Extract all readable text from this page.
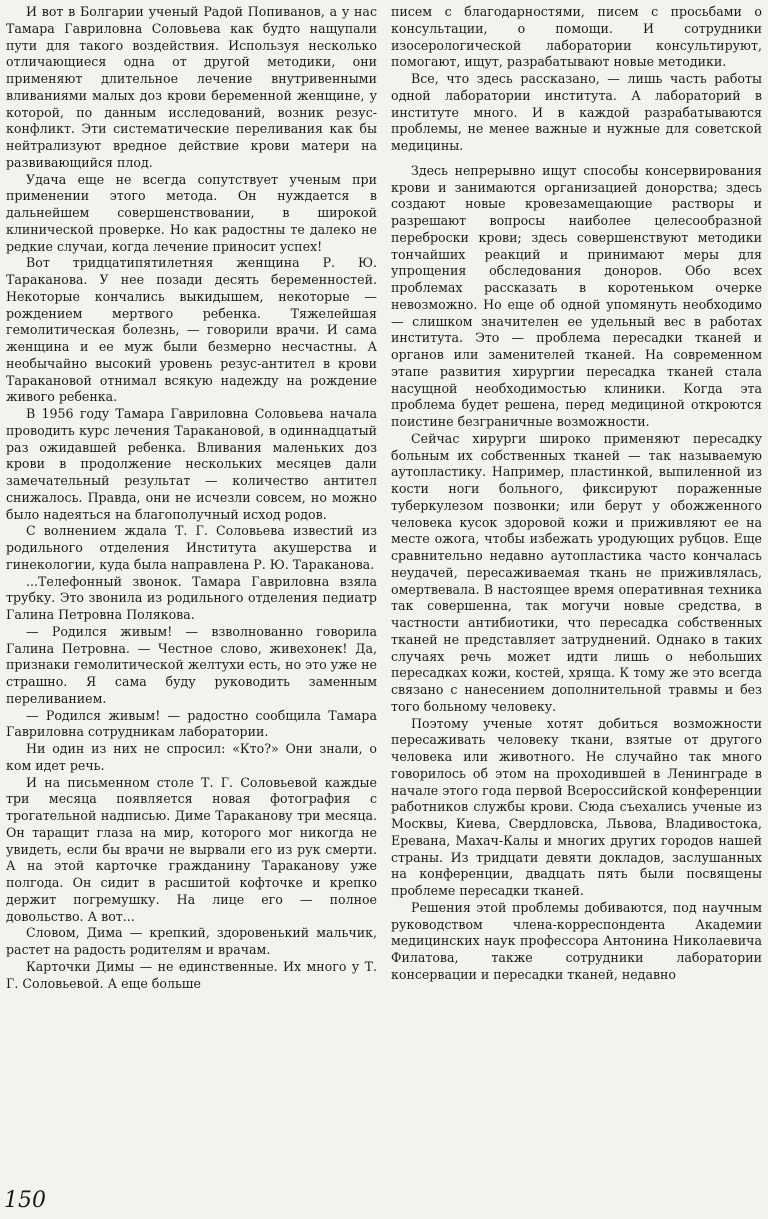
И вот в Болгарии ученый Радой Попиванов, а у нас Тамара Гавриловна Соловьева как будто нащупали пути для такого воздействия. Используя несколько отличающиеся одна от другой методики, они применяют длительное лечение внутривенными вливаниями малых доз крови беременной женщине, у которой, по данным исследований, возник резус-конфликт. Эти систематические переливания как бы нейтрализуют вредное действие крови матери на развивающийся плод.

Удача еще не всегда сопутствует ученым при применении этого метода. Он нуждается в дальнейшем совершенствовании, в широкой клинической проверке. Но как радостны те далеко не редкие случаи, когда лечение приносит успех!

Вот тридцатипятилетняя женщина Р. Ю. Тараканова. У нее позади десять беременностей. Некоторые кончались выкидышем, некоторые — рождением мертвого ребенка. Тяжелейшая гемолитическая болезнь, — говорили врачи. И сама женщина и ее муж были безмерно несчастны. А необычайно высокий уровень резус-антител в крови Таракановой отнимал всякую надежду на рождение живого ребенка.

В 1956 году Тамара Гавриловна Соловьева начала проводить курс лечения Таракановой, в одиннадцатый раз ожидавшей ребенка. Вливания маленьких доз крови в продолжение нескольких месяцев дали замечательный результат — количество антител снижалось. Правда, они не исчезли совсем, но можно было надеяться на благополучный исход родов.

С волнением ждала Т. Г. Соловьева известий из родильного отделения Института акушерства и гинекологии, куда была направлена Р. Ю. Тараканова.

...Телефонный звонок. Тамара Гавриловна взяла трубку. Это звонила из родильного отделения педиатр Галина Петровна Полякова.

— Родился живым! — взволнованно говорила Галина Петровна. — Честное слово, живехонек! Да, признаки гемолитической желтухи есть, но это уже не страшно. Я сама буду руководить заменным переливанием.

— Родился живым! — радостно сообщила Тамара Гавриловна сотрудникам лаборатории.

Ни один из них не спросил: «Кто?» Они знали, о ком идет речь.

И на письменном столе Т. Г. Соловьевой каждые три месяца появляется новая фотография с трогательной надписью. Диме Тараканову три месяца. Он таращит глаза на мир, которого мог никогда не увидеть, если бы врачи не вырвали его из рук смерти. А на этой карточке гражданину Тараканову уже полгода. Он сидит в расшитой кофточке и крепко держит погремушку. На лице его — полное довольство. А вот...

Словом, Дима — крепкий, здоровенький мальчик, растет на радость родителям и врачам.

Карточки Димы — не единственные. Их много у Т. Г. Соловьевой. А еще больше

писем с благодарностями, писем с просьбами о консультации, о помощи. И сотрудники изосерологической лаборатории консультируют, помогают, ищут, разрабатывают новые методики.

Все, что здесь рассказано, — лишь часть работы одной лаборатории института. А лабораторий в институте много. И в каждой разрабатываются проблемы, не менее важные и нужные для советской медицины.

Здесь непрерывно ищут способы консервирования крови и занимаются организацией донорства; здесь создают новые кровезамещающие растворы и разрешают вопросы наиболее целесообразной переброски крови; здесь совершенствуют методики тончайших реакций и принимают меры для упрощения обследования доноров. Обо всех проблемах рассказать в коротеньком очерке невозможно. Но еще об одной упомянуть необходимо — слишком значителен ее удельный вес в работах института. Это — проблема пересадки тканей и органов или заменителей тканей. На современном этапе развития хирургии пересадка тканей стала насущной необходимостью клиники. Когда эта проблема будет решена, перед медициной откроются поистине безграничные возможности.

Сейчас хирурги широко применяют пересадку больным их собственных тканей — так называемую аутопластику. Например, пластинкой, выпиленной из кости ноги больного, фиксируют пораженные туберкулезом позвонки; или берут у обожженного человека кусок здоровой кожи и приживляют ее на месте ожога, чтобы избежать уродующих рубцов. Еще сравнительно недавно аутопластика часто кончалась неудачей, пересаживаемая ткань не приживлялась, омертвевала. В настоящее время оперативная техника так совершенна, так могучи новые средства, в частности антибиотики, что пересадка собственных тканей не представляет затруднений. Однако в таких случаях речь может идти лишь о небольших пересадках кожи, костей, хряща. К тому же это всегда связано с нанесением дополнительной травмы и без того больному человеку.

Поэтому ученые хотят добиться возможности пересаживать человеку ткани, взятые от другого человека или животного. Не случайно так много говорилось об этом на проходившей в Ленинграде в начале этого года первой Всероссийской конференции работников службы крови. Сюда съехались ученые из Москвы, Киева, Свердловска, Львова, Владивостока, Еревана, Махач-Калы и многих других городов нашей страны. Из тридцати девяти докладов, заслушанных на конференции, двадцать пять были посвящены проблеме пересадки тканей.

Решения этой проблемы добиваются, под научным руководством члена-корреспондента Академии медицинских наук профессора Антонина Николаевича Филатова, также сотрудники лаборатории консервации и пересадки тканей, недавно

150
